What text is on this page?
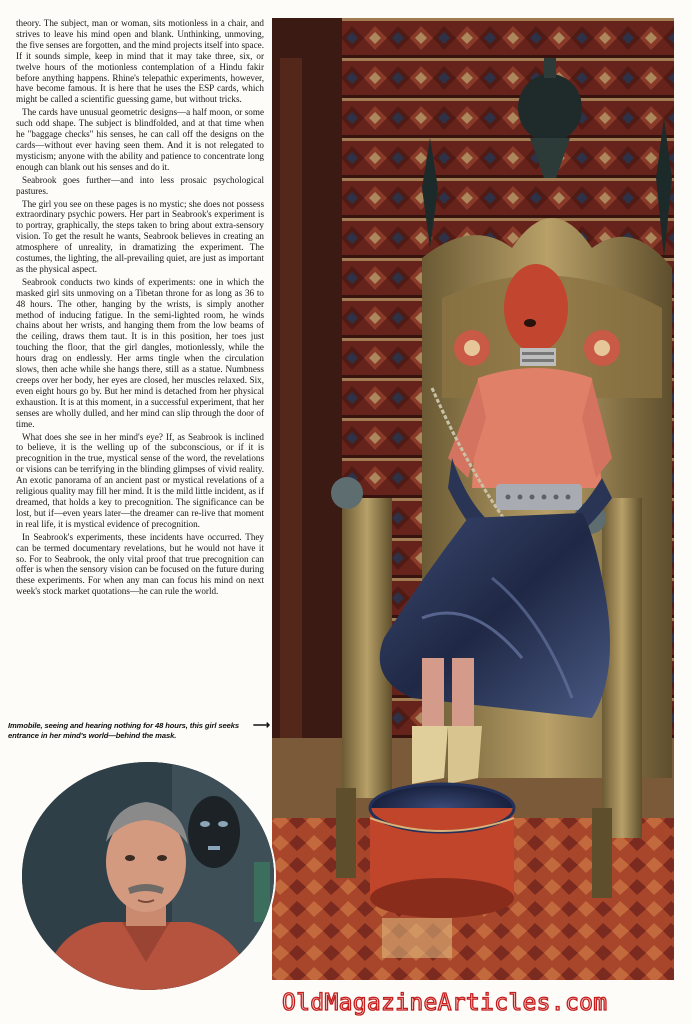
theory. The subject, man or woman, sits motionless in a chair, and strives to leave his mind open and blank. Unthinking, unmoving, the five senses are forgotten, and the mind projects itself into space. If it sounds simple, keep in mind that it may take three, six, or twelve hours of the motionless contemplation of a Hindu fakir before anything happens. Rhine's telepathic experiments, however, have become famous. It is here that he uses the ESP cards, which might be called a scientific guessing game, but without tricks.

The cards have unusual geometric designs—a half moon, or some such odd shape. The subject is blindfolded, and at that time when he "baggage checks" his senses, he can call off the designs on the cards—without ever having seen them. And it is not relegated to mysticism; anyone with the ability and patience to concentrate long enough can blank out his senses and do it.

Seabrook goes further—and into less prosaic psychological pastures.

The girl you see on these pages is no mystic; she does not possess extraordinary psychic powers. Her part in Seabrook's experiment is to portray, graphically, the steps taken to bring about extra-sensory vision. To get the result he wants, Seabrook believes in creating an atmosphere of unreality, in dramatizing the experiment. The costumes, the lighting, the all-prevailing quiet, are just as important as the physical aspect.

Seabrook conducts two kinds of experiments: one in which the masked girl sits unmoving on a Tibetan throne for as long as 36 to 48 hours. The other, hanging by the wrists, is simply another method of inducing fatigue. In the semi-lighted room, he winds chains about her wrists, and hanging them from the low beams of the ceiling, draws them taut. It is in this position, her toes just touching the floor, that the girl dangles, motionlessly, while the hours drag on endlessly. Her arms tingle when the circulation slows, then ache while she hangs there, still as a statue. Numbness creeps over her body, her eyes are closed, her muscles relaxed. Six, even eight hours go by. But her mind is detached from her physical exhaustion. It is at this moment, in a successful experiment, that her senses are wholly dulled, and her mind can slip through the door of time.

What does she see in her mind's eye? If, as Seabrook is inclined to believe, it is the welling up of the subconscious, or if it is precognition in the true, mystical sense of the word, the revelations or visions can be terrifying in the blinding glimpses of vivid reality. An exotic panorama of an ancient past or mystical revelations of a religious quality may fill her mind. It is the mild little incident, as if dreamed, that holds a key to precognition. The significance can be lost, but if—even years later—the dreamer can re-live that moment in real life, it is mystical evidence of precognition.

In Seabrook's experiments, these incidents have occurred. They can be termed documentary revelations, but he would not have it so. For to Seabrook, the only vital proof that true precognition can offer is when the sensory vision can be focused on the future during these experiments. For when any man can focus his mind on next week's stock market quotations—he can rule the world.

Immobile, seeing and hearing nothing for 48 hours, this girl seeks entrance in her mind's world—behind the mask.
⟶
OldMagazineArticles.com
